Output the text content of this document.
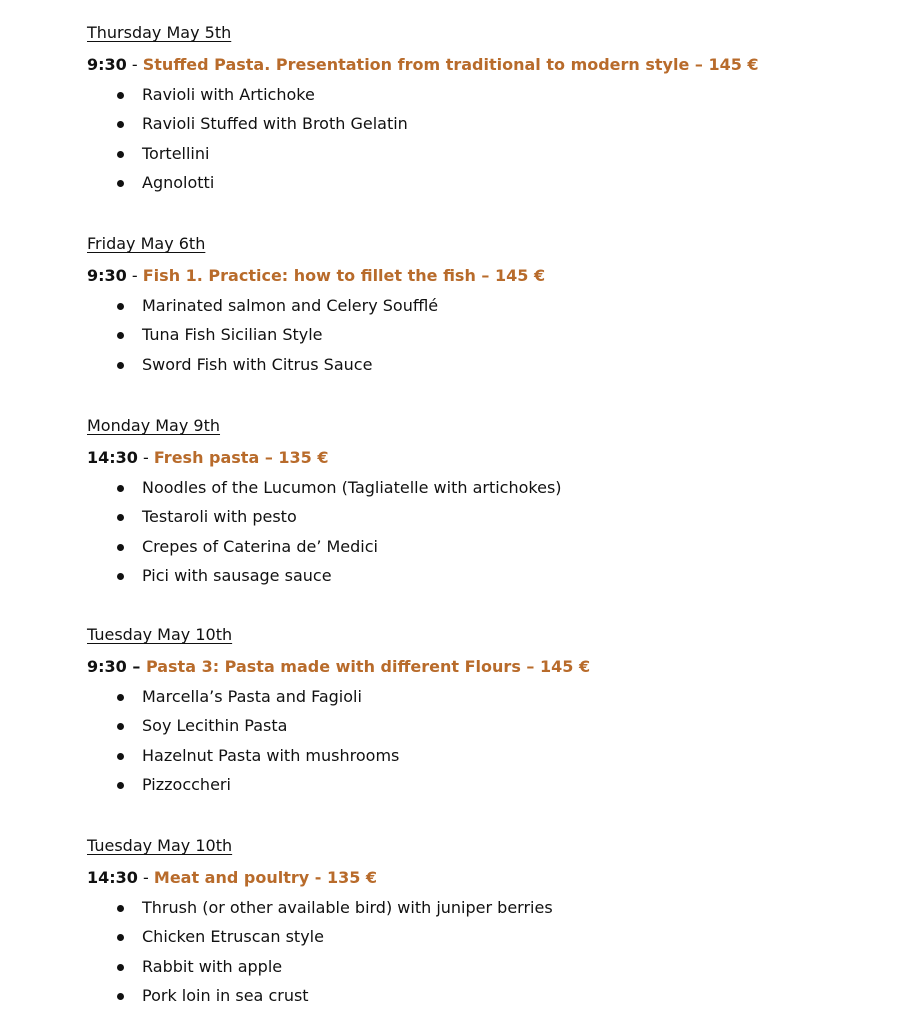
Thursday May 5th

9:30 - Stuffed Pasta. Presentation from traditional to modern style – 145 €

Ravioli with Artichoke
Ravioli Stuffed with Broth Gelatin
Tortellini
Agnolotti

Friday May 6th

9:30 - Fish 1. Practice: how to fillet the fish – 145 €

Marinated salmon and Celery Soufflé
Tuna Fish Sicilian Style
Sword Fish with Citrus Sauce

Monday May 9th

14:30 - Fresh pasta – 135 €

Noodles of the Lucumon (Tagliatelle with artichokes)
Testaroli with pesto
Crepes of Caterina de’ Medici
Pici with sausage sauce

Tuesday May 10th

9:30 – Pasta 3: Pasta made with different Flours – 145 €

Marcella’s Pasta and Fagioli
Soy Lecithin Pasta
Hazelnut Pasta with mushrooms
Pizzoccheri

Tuesday May 10th

14:30 - Meat and poultry - 135 €

Thrush (or other available bird) with juniper berries
Chicken Etruscan style
Rabbit with apple
Pork loin in sea crust
